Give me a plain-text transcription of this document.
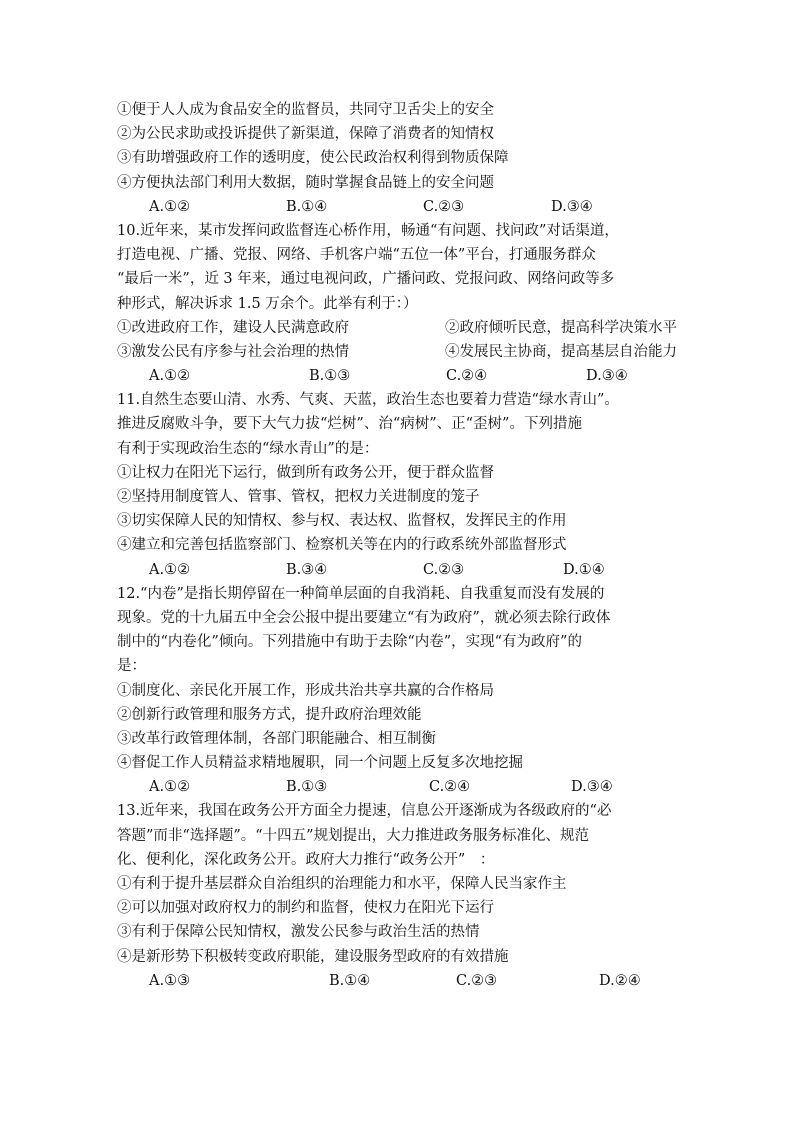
①便于人人成为食品安全的监督员，共同守卫舌尖上的安全
②为公民求助或投诉提供了新渠道，保障了消费者的知情权
③有助增强政府工作的透明度，使公民政治权利得到物质保障
④方便执法部门利用大数据，随时掌握食品链上的安全问题
A.①②	B.①④	C.②③	D.③④
10.近年来，某市发挥问政监督连心桥作用，畅通“有问题、找问政”对话渠道，
打造电视、广播、党报、网络、手机客户端“五位一体”平台，打通服务群众
“最后一米”，近 3 年来，通过电视问政，广播问政、党报问政、网络问政等多
种形式，解决诉求 1.5 万余个。此举有利于：）
①改进政府工作，建设人民满意政府	②政府倾听民意，提高科学决策水平
③激发公民有序参与社会治理的热情	④发展民主协商，提高基层自治能力
A.①②	B.①③	C.②④	D.③④
11.自然生态要山清、水秀、气爽、天蓝，政治生态也要着力营造“绿水青山”。
推进反腐败斗争，要下大气力拔“烂树”、治“病树”、正“歪树”。下列措施
有利于实现政治生态的“绿水青山”的是：
①让权力在阳光下运行，做到所有政务公开，便于群众监督
②坚持用制度管人、管事、管权，把权力关进制度的笼子
③切实保障人民的知情权、参与权、表达权、监督权，发挥民主的作用
④建立和完善包括监察部门、检察机关等在内的行政系统外部监督形式
A.①②	B.③④	C.②③	D.①④
12.“内卷”是指长期停留在一种简单层面的自我消耗、自我重复而没有发展的
现象。党的十九届五中全会公报中提出要建立“有为政府”，就必须去除行政体
制中的“内卷化”倾向。下列措施中有助于去除“内卷”，实现“有为政府”的
是：
①制度化、亲民化开展工作，形成共治共享共赢的合作格局
②创新行政管理和服务方式，提升政府治理效能
③改革行政管理体制，各部门职能融合、相互制衡
④督促工作人员精益求精地履职，同一个问题上反复多次地挖掘
A.①②	B.①③	C.②④	D.③④
13.近年来，我国在政务公开方面全力提速，信息公开逐渐成为各级政府的“必
答题”而非“选择题”。“十四五”规划提出，大力推进政务服务标准化、规范
化、便利化，深化政务公开。政府大力推行“政务公开”　：
①有利于提升基层群众自治组织的治理能力和水平，保障人民当家作主
②可以加强对政府权力的制约和监督，使权力在阳光下运行
③有利于保障公民知情权，激发公民参与政治生活的热情
④是新形势下积极转变政府职能，建设服务型政府的有效措施
A.①③	B.①④	C.②③	D.②④
